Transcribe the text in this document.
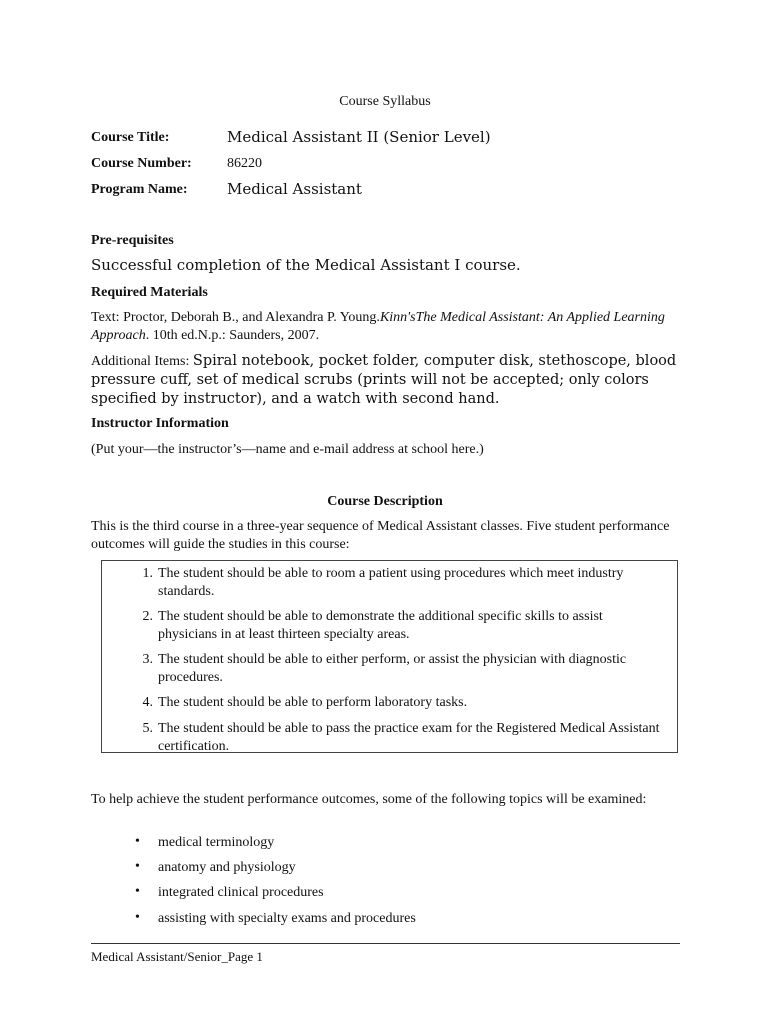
Course Syllabus
Course Title:	Medical Assistant II (Senior Level)
Course Number:	86220
Program Name:	Medical Assistant
Pre-requisites
Successful completion of the Medical Assistant I course.
Required Materials
Text: Proctor, Deborah B., and Alexandra P. Young.Kinn'sThe Medical Assistant: An Applied Learning Approach. 10th ed.N.p.: Saunders, 2007.
Additional Items: Spiral notebook, pocket folder, computer disk, stethoscope, blood pressure cuff, set of medical scrubs (prints will not be accepted; only colors specified by instructor), and a watch with second hand.
Instructor Information
(Put your—the instructor’s—name and e-mail address at school here.)
Course Description
This is the third course in a three-year sequence of Medical Assistant classes. Five student performance outcomes will guide the studies in this course:
1. The student should be able to room a patient using procedures which meet industry standards.
2. The student should be able to demonstrate the additional specific skills to assist physicians in at least thirteen specialty areas.
3. The student should be able to either perform, or assist the physician with diagnostic procedures.
4. The student should be able to perform laboratory tasks.
5. The student should be able to pass the practice exam for the Registered Medical Assistant certification.
To help achieve the student performance outcomes, some of the following topics will be examined:
• medical terminology
• anatomy and physiology
• integrated clinical procedures
• assisting with specialty exams and procedures
Medical Assistant/Senior_Page 1
